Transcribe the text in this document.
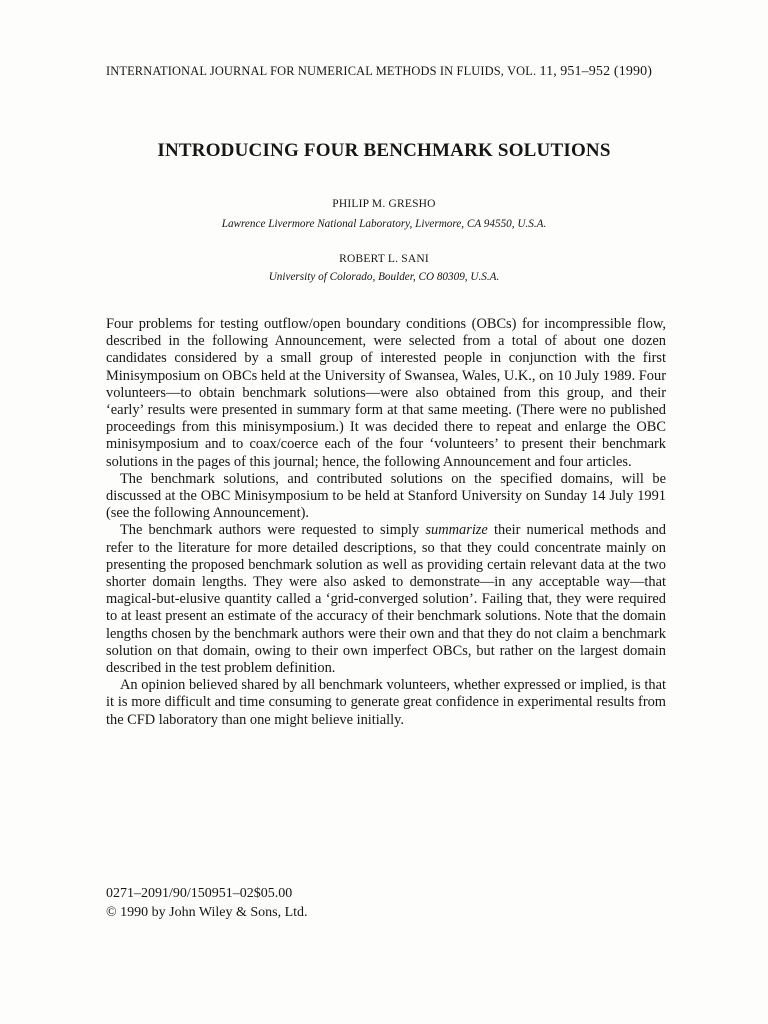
INTERNATIONAL JOURNAL FOR NUMERICAL METHODS IN FLUIDS, VOL. 11, 951–952 (1990)
INTRODUCING FOUR BENCHMARK SOLUTIONS
PHILIP M. GRESHO
Lawrence Livermore National Laboratory, Livermore, CA 94550, U.S.A.
ROBERT L. SANI
University of Colorado, Boulder, CO 80309, U.S.A.

Four problems for testing outflow/open boundary conditions (OBCs) for incompressible flow, described in the following Announcement, were selected from a total of about one dozen candidates considered by a small group of interested people in conjunction with the first Minisymposium on OBCs held at the University of Swansea, Wales, U.K., on 10 July 1989. Four volunteers—to obtain benchmark solutions—were also obtained from this group, and their ‘early’ results were presented in summary form at that same meeting. (There were no published proceedings from this minisymposium.) It was decided there to repeat and enlarge the OBC minisymposium and to coax/coerce each of the four ‘volunteers’ to present their benchmark solutions in the pages of this journal; hence, the following Announcement and four articles.

The benchmark solutions, and contributed solutions on the specified domains, will be discussed at the OBC Minisymposium to be held at Stanford University on Sunday 14 July 1991 (see the following Announcement).

The benchmark authors were requested to simply summarize their numerical methods and refer to the literature for more detailed descriptions, so that they could concentrate mainly on presenting the proposed benchmark solution as well as providing certain relevant data at the two shorter domain lengths. They were also asked to demonstrate—in any acceptable way—that magical-but-elusive quantity called a ‘grid-converged solution’. Failing that, they were required to at least present an estimate of the accuracy of their benchmark solutions. Note that the domain lengths chosen by the benchmark authors were their own and that they do not claim a benchmark solution on that domain, owing to their own imperfect OBCs, but rather on the largest domain described in the test problem definition.

An opinion believed shared by all benchmark volunteers, whether expressed or implied, is that it is more difficult and time consuming to generate great confidence in experimental results from the CFD laboratory than one might believe initially.

0271–2091/90/150951–02$05.00
© 1990 by John Wiley & Sons, Ltd.
